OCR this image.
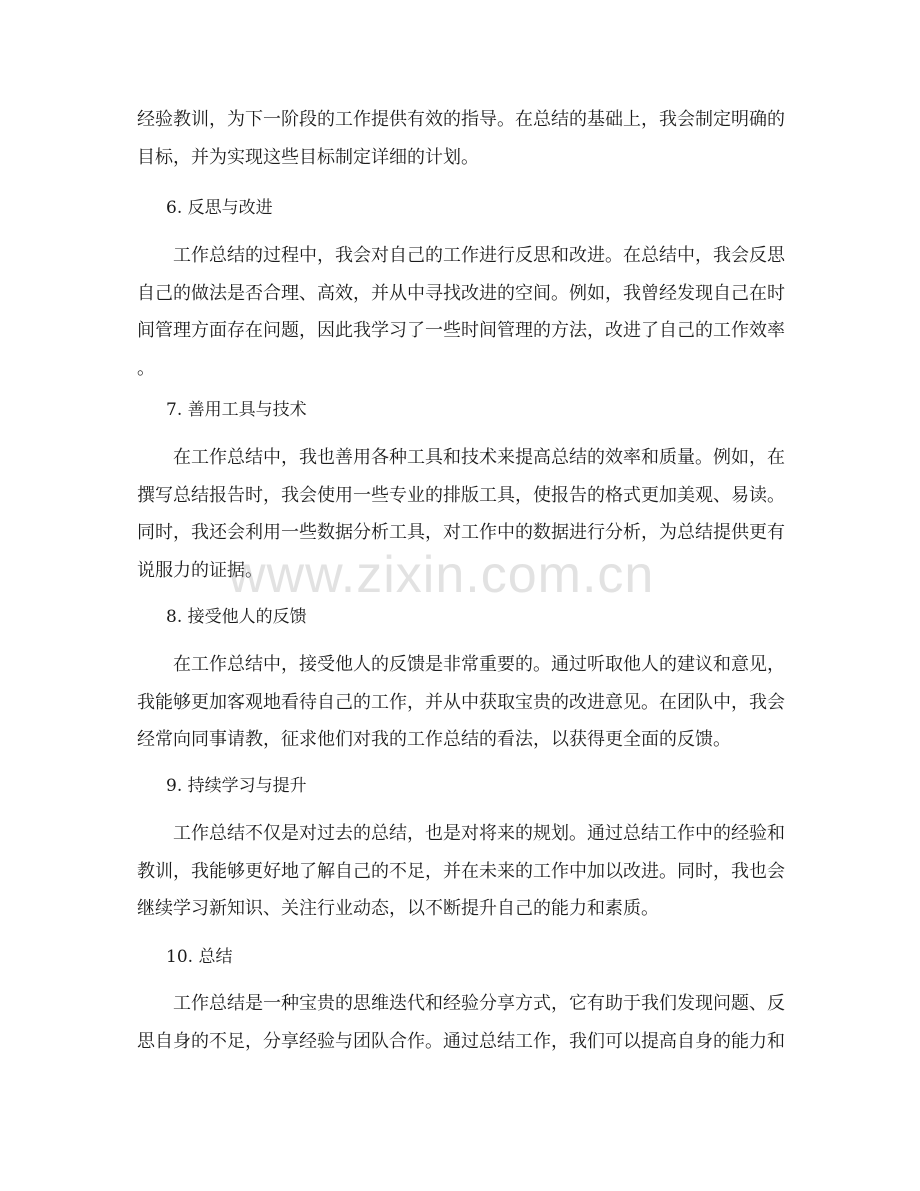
经验教训，为下一阶段的工作提供有效的指导。在总结的基础上，我会制定明确的
目标，并为实现这些目标制定详细的计划。
6. 反思与改进
　　工作总结的过程中，我会对自己的工作进行反思和改进。在总结中，我会反思
自己的做法是否合理、高效，并从中寻找改进的空间。例如，我曾经发现自己在时
间管理方面存在问题，因此我学习了一些时间管理的方法，改进了自己的工作效率
。
7. 善用工具与技术
　　在工作总结中，我也善用各种工具和技术来提高总结的效率和质量。例如，在
撰写总结报告时，我会使用一些专业的排版工具，使报告的格式更加美观、易读。
同时，我还会利用一些数据分析工具，对工作中的数据进行分析，为总结提供更有
说服力的证据。
8. 接受他人的反馈
　　在工作总结中，接受他人的反馈是非常重要的。通过听取他人的建议和意见，
我能够更加客观地看待自己的工作，并从中获取宝贵的改进意见。在团队中，我会
经常向同事请教，征求他们对我的工作总结的看法，以获得更全面的反馈。
9. 持续学习与提升
　　工作总结不仅是对过去的总结，也是对将来的规划。通过总结工作中的经验和
教训，我能够更好地了解自己的不足，并在未来的工作中加以改进。同时，我也会
继续学习新知识、关注行业动态，以不断提升自己的能力和素质。
10. 总结
　　工作总结是一种宝贵的思维迭代和经验分享方式，它有助于我们发现问题、反
思自身的不足，分享经验与团队合作。通过总结工作，我们可以提高自身的能力和
www.zixin.com.cn
